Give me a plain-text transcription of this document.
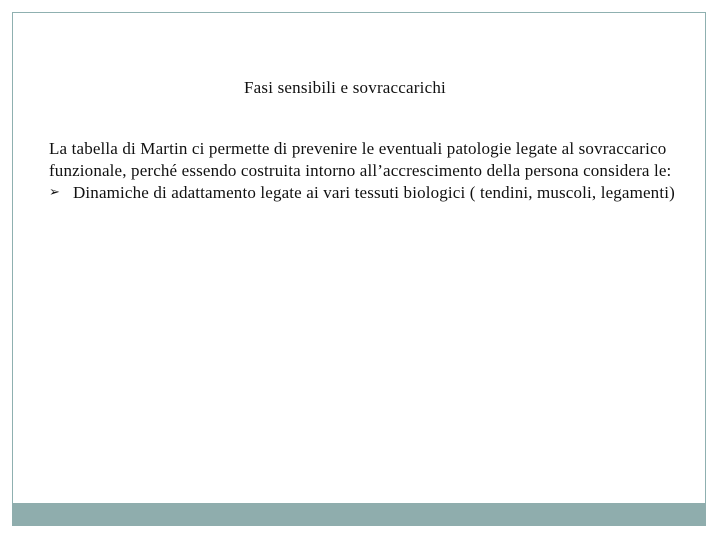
Fasi sensibili e sovraccarichi

La tabella di Martin ci permette di prevenire le eventuali patologie legate al sovraccarico funzionale, perché essendo costruita intorno all’accrescimento della persona considera le:

➢ Dinamiche di adattamento legate ai vari tessuti biologici ( tendini, muscoli, legamenti)
